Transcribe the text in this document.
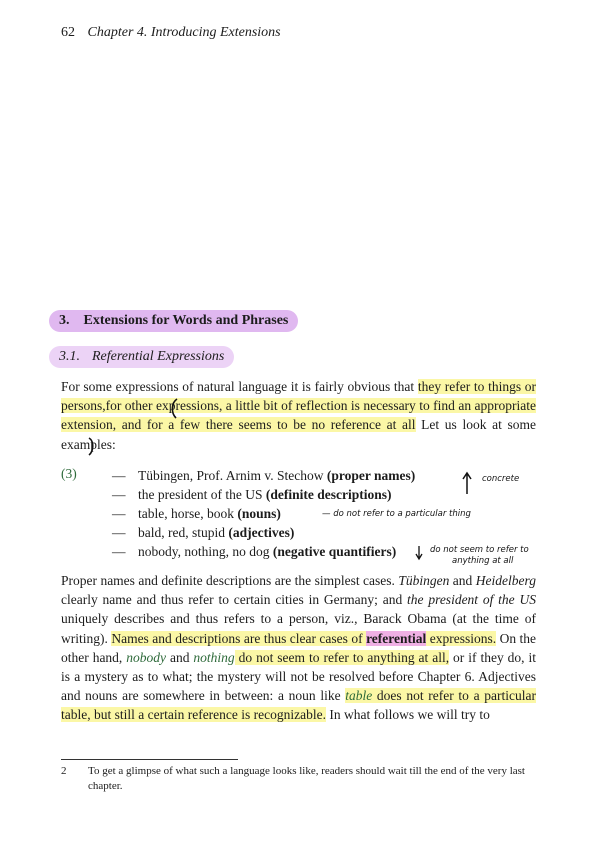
62 Chapter 4. Introducing Extensions
3. Extensions for Words and Phrases
3.1. Referential Expressions

For some expressions of natural language it is fairly obvious that they refer to things or persons,for other expressions, a little bit of reflection is necessary to find an appropriate extension, and for a few there seems to be no reference at all Let us look at some examples:

(3)	— Tübingen, Prof. Arnim v. Stechow (proper names)
— the president of the US (definite descriptions)
— table, horse, book (nouns)
— bald, red, stupid (adjectives)
— nobody, nothing, no dog (negative quantifiers)
concrete
— do not refer to a particular thing
do not seem to refer to
anything at all

Proper names and definite descriptions are the simplest cases. Tübingen and Heidelberg clearly name and thus refer to certain cities in Germany; and the president of the US uniquely describes and thus refers to a person, viz., Barack Obama (at the time of writing). Names and descriptions are thus clear cases of referential expressions. On the other hand, nobody and nothing do not seem to refer to anything at all, or if they do, it is a mystery as to what; the mystery will not be resolved before Chapter 6. Adjectives and nouns are somewhere in between: a noun like table does not refer to a particular table, but still a certain reference is recognizable. In what follows we will try to

2 To get a glimpse of what such a language looks like, readers should wait till the end of the very last chapter.
